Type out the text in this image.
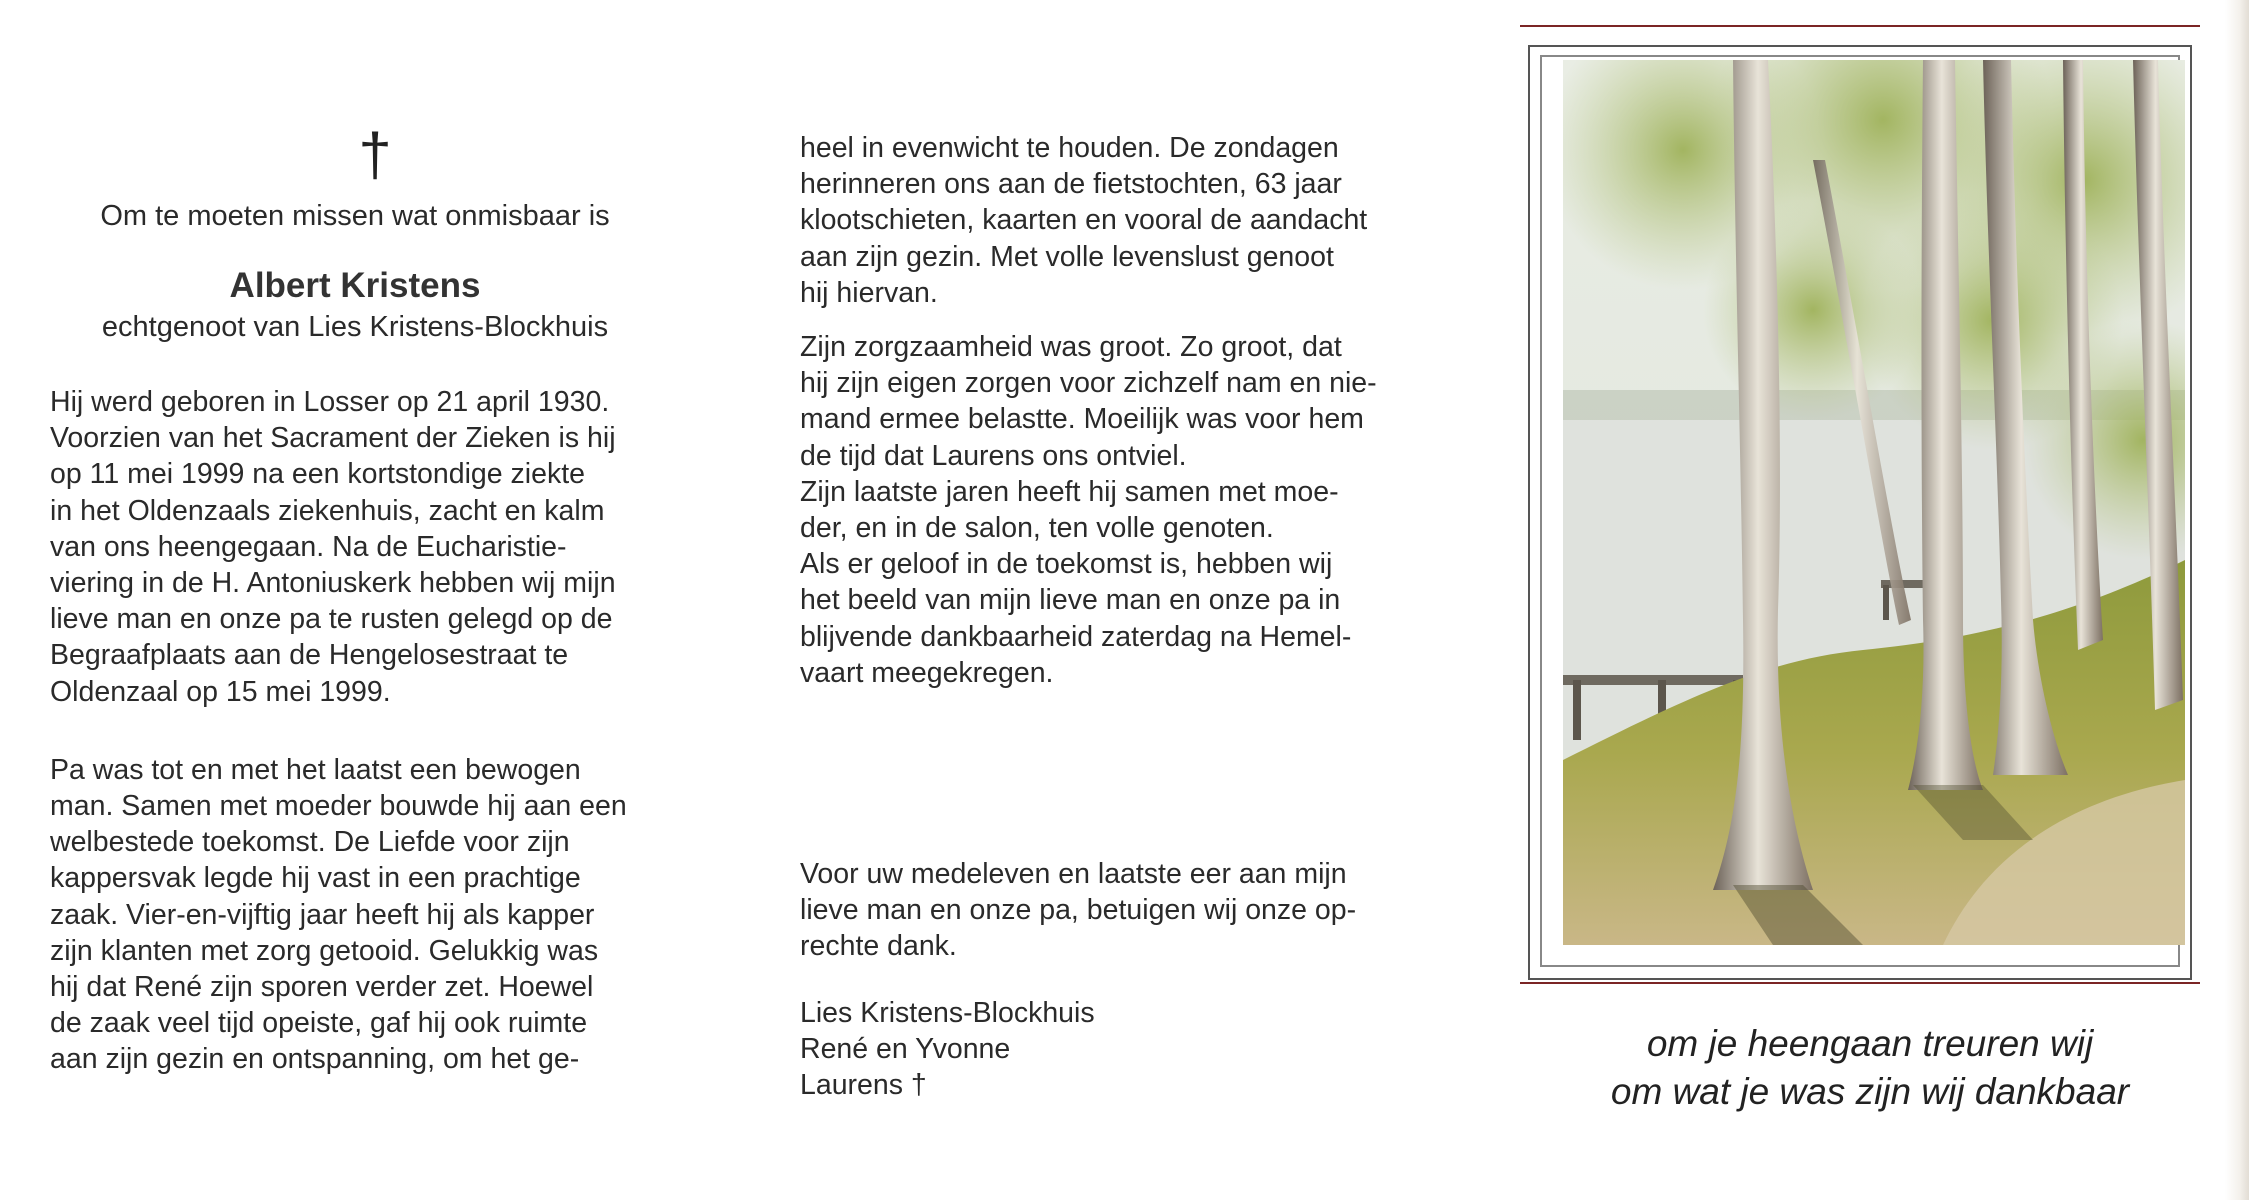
†
Om te moeten missen wat onmisbaar is
Albert Kristens
echtgenoot van Lies Kristens-Blockhuis

Hij werd geboren in Losser op 21 april 1930.
Voorzien van het Sacrament der Zieken is hij
op 11 mei 1999 na een kortstondige ziekte
in het Oldenzaals ziekenhuis, zacht en kalm
van ons heengegaan. Na de Eucharistie-
viering in de H. Antoniuskerk hebben wij mijn
lieve man en onze pa te rusten gelegd op de
Begraafplaats aan de Hengelosestraat te
Oldenzaal op 15 mei 1999.

Pa was tot en met het laatst een bewogen
man. Samen met moeder bouwde hij aan een
welbestede toekomst. De Liefde voor zijn
kappersvak legde hij vast in een prachtige
zaak. Vier-en-vijftig jaar heeft hij als kapper
zijn klanten met zorg getooid. Gelukkig was
hij dat René zijn sporen verder zet. Hoewel
de zaak veel tijd opeiste, gaf hij ook ruimte
aan zijn gezin en ontspanning, om het ge-

heel in evenwicht te houden. De zondagen
herinneren ons aan de fietstochten, 63 jaar
klootschieten, kaarten en vooral de aandacht
aan zijn gezin. Met volle levenslust genoot
hij hiervan.

Zijn zorgzaamheid was groot. Zo groot, dat
hij zijn eigen zorgen voor zichzelf nam en nie-
mand ermee belastte. Moeilijk was voor hem
de tijd dat Laurens ons ontviel.
Zijn laatste jaren heeft hij samen met moe-
der, en in de salon, ten volle genoten.
Als er geloof in de toekomst is, hebben wij
het beeld van mijn lieve man en onze pa in
blijvende dankbaarheid zaterdag na Hemel-
vaart meegekregen.

Voor uw medeleven en laatste eer aan mijn
lieve man en onze pa, betuigen wij onze op-
rechte dank.

Lies Kristens-Blockhuis
René en Yvonne
Laurens †
om je heengaan treuren wij
om wat je was zijn wij dankbaar
